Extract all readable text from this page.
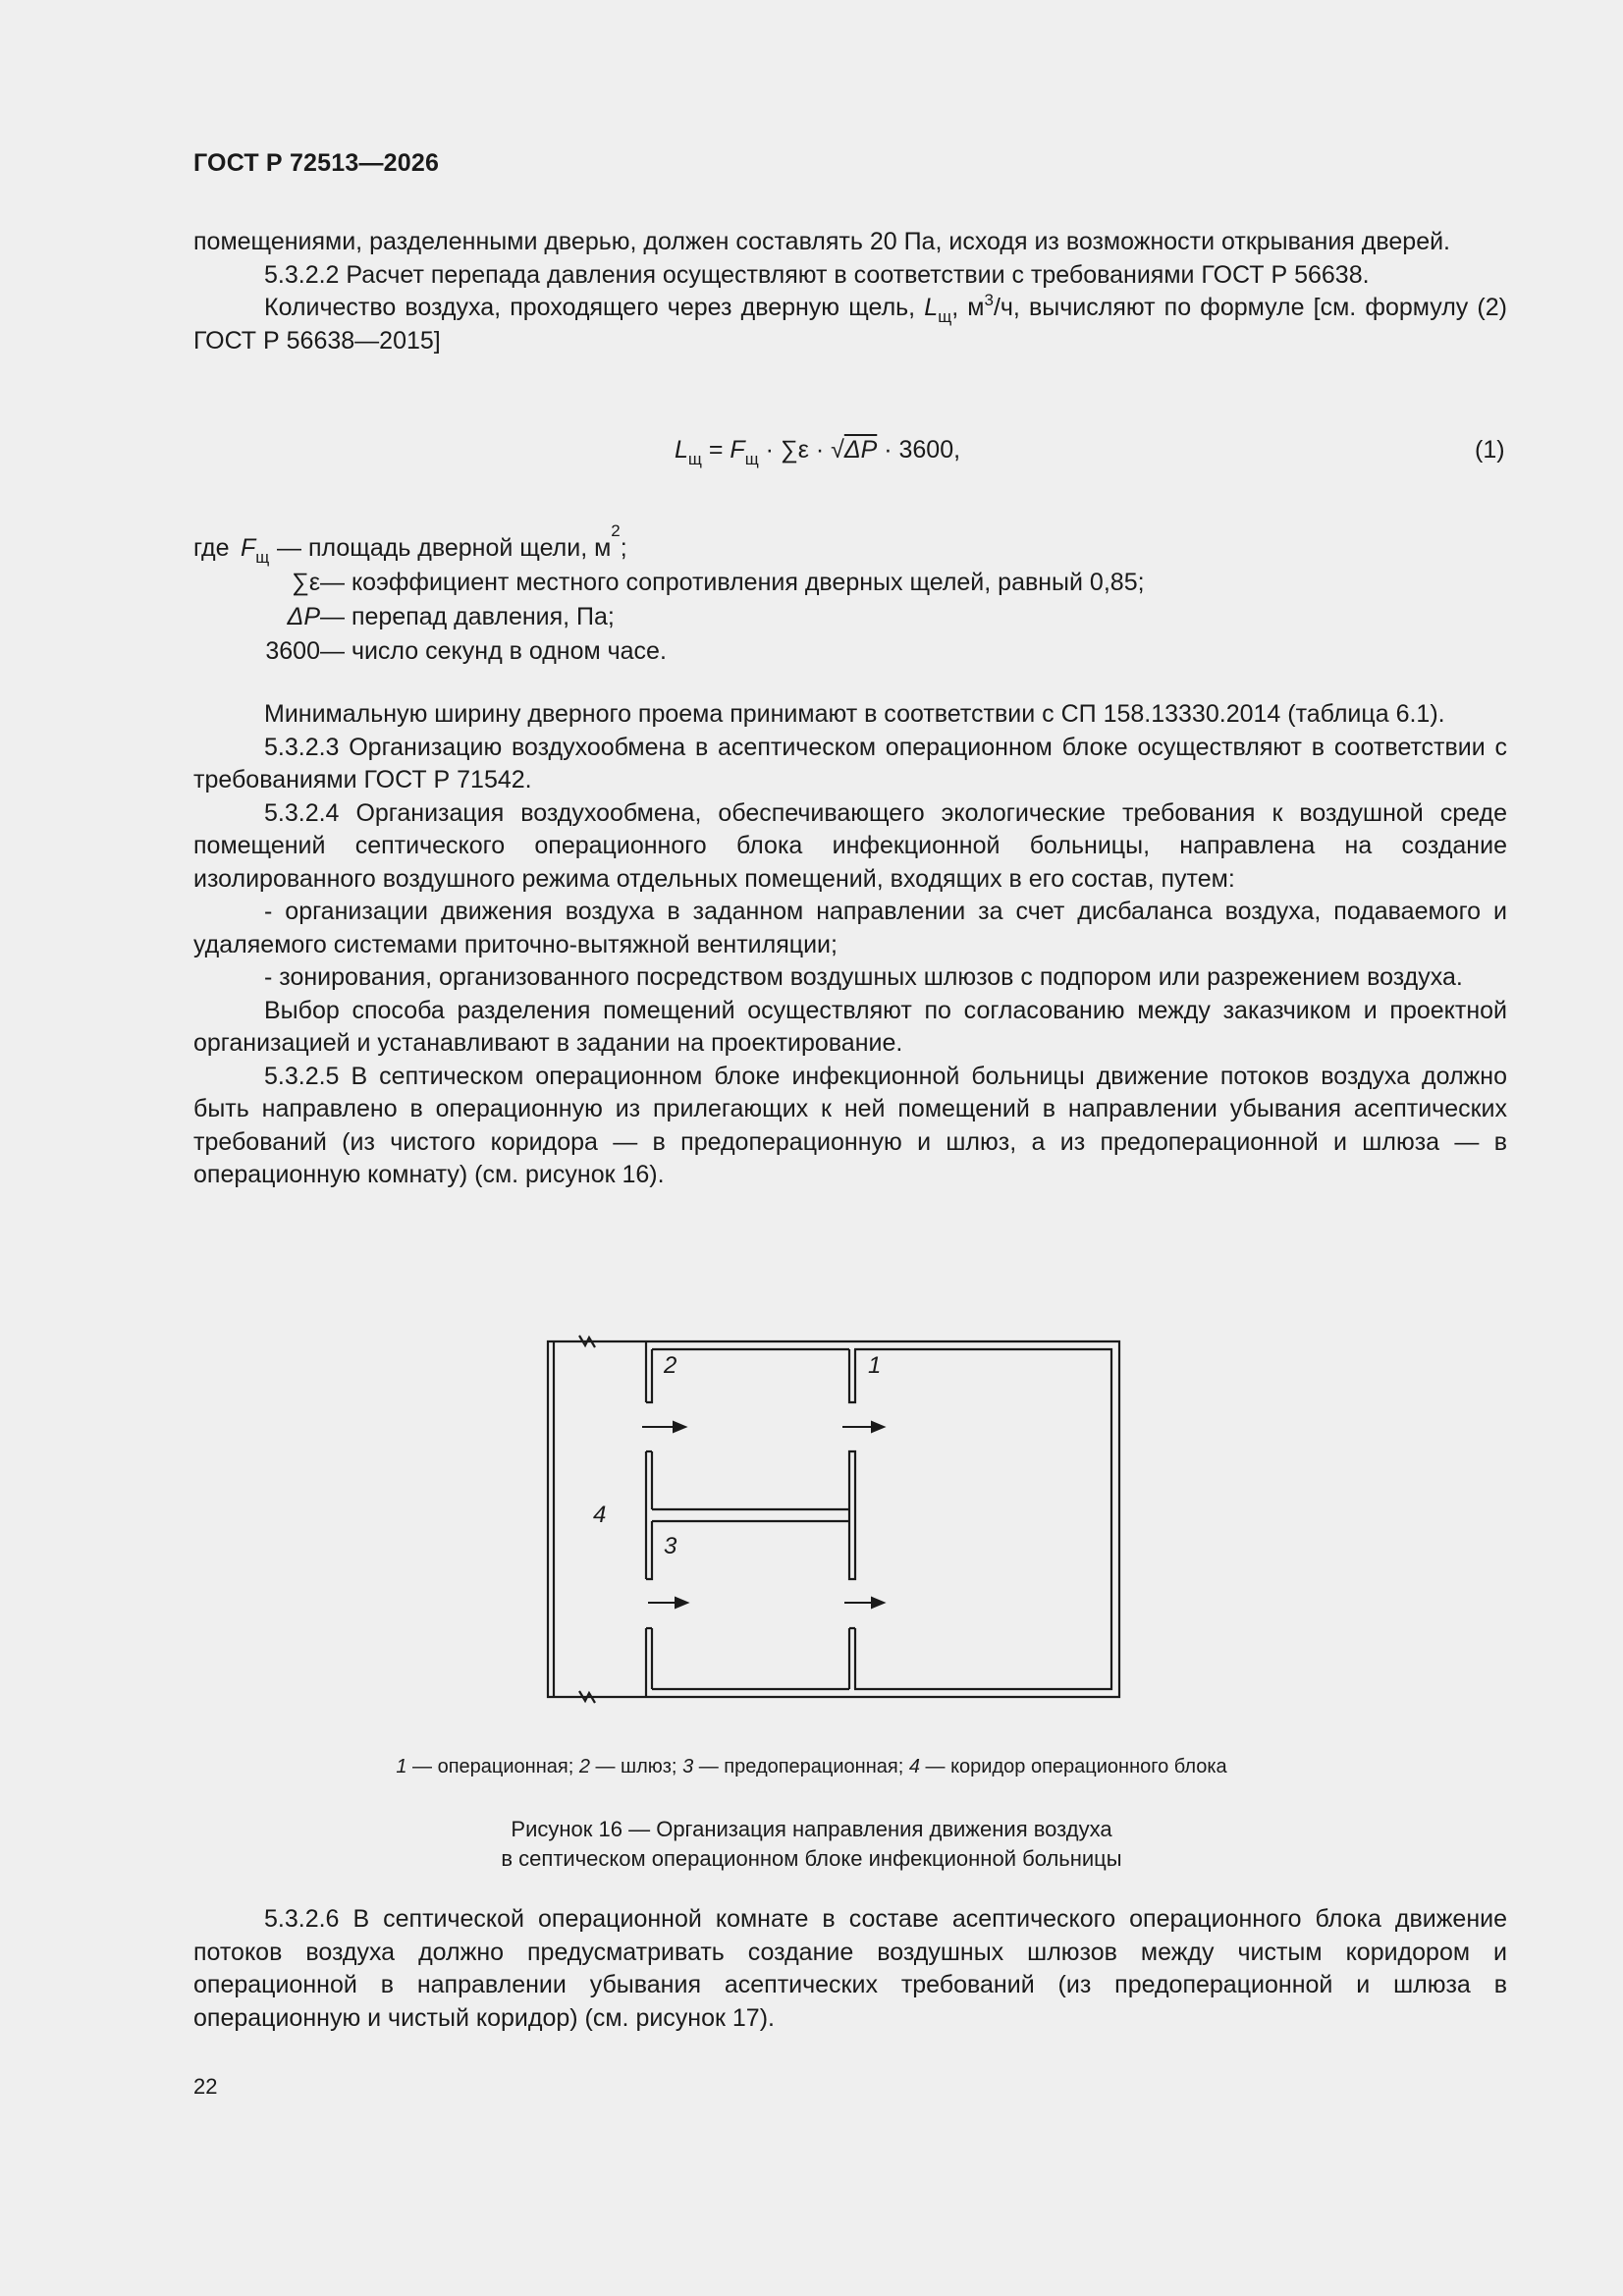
ГОСТ Р 72513—2026

помещениями, разделенными дверью, должен составлять 20 Па, исходя из возможности открывания дверей.

5.3.2.2 Расчет перепада давления осуществляют в соответствии с требованиями ГОСТ Р 56638.

Количество воздуха, проходящего через дверную щель, $L_щ$, $м^3/ч$, вычисляют по формуле [см. формулу (2) ГОСТ Р 56638—2015]

$L_щ = F_щ \cdot \sum\varepsilon \cdot √\Delta P \cdot 3600$,	(1)
где $F_щ$ — площадь дверной щели, м
2
;
∑ε — коэффициент местного сопротивления дверных щелей, равный 0,85;
ΔP — перепад давления, Па;
3600 — число секунд в одном часе.

Минимальную ширину дверного проема принимают в соответствии с СП 158.13330.2014 (таблица 6.1).

5.3.2.3 Организацию воздухообмена в асептическом операционном блоке осуществляют в соответствии с требованиями ГОСТ Р 71542.

5.3.2.4 Организация воздухообмена, обеспечивающего экологические требования к воздушной среде помещений септического операционного блока инфекционной больницы, направлена на создание изолированного воздушного режима отдельных помещений, входящих в его состав, путем:

- организации движения воздуха в заданном направлении за счет дисбаланса воздуха, подаваемого и удаляемого системами приточно-вытяжной вентиляции;

- зонирования, организованного посредством воздушных шлюзов с подпором или разрежением воздуха.

Выбор способа разделения помещений осуществляют по согласованию между заказчиком и проектной организацией и устанавливают в задании на проектирование.

5.3.2.5 В септическом операционном блоке инфекционной больницы движение потоков воздуха должно быть направлено в операционную из прилегающих к ней помещений в направлении убывания асептических требований (из чистого коридора — в предоперационную и шлюз, а из предоперационной и шлюза — в операционную комнату) (см. рисунок 16).

2	1
3
4
1 — операционная; 2 — шлюз; 3 — предоперационная; 4 — коридор операционного блока
Рисунок 16 — Организация направления движения воздуха
в септическом операционном блоке инфекционной больницы

5.3.2.6 В септической операционной комнате в составе асептического операционного блока движение потоков воздуха должно предусматривать создание воздушных шлюзов между чистым коридором и операционной в направлении убывания асептических требований (из предоперационной и шлюза в операционную и чистый коридор) (см. рисунок 17).

22
